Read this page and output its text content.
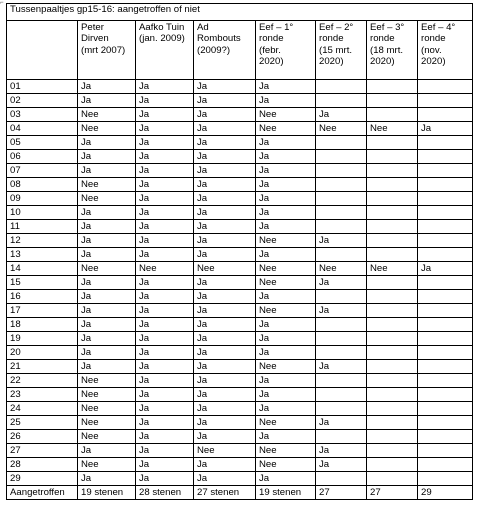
Tussenpaaltjes gp15-16: aangetroffen of niet							

	Peter
Dirven
(mrt 2007)	Aafko Tuin
(jan. 2009)	Ad
Rombouts
(2009?)	Eef – 1°
ronde
(febr.
2020)	Eef – 2°
ronde
(15 mrt.
2020)	Eef – 3°
ronde
(18 mrt.
2020)	Eef – 4°
ronde
(nov.
2020)

01	Ja	Ja	Ja	Ja			
02	Ja	Ja	Ja	Ja			
03	Nee	Ja	Ja	Nee	Ja		
04	Nee	Ja	Ja	Nee	Nee	Nee	Ja
05	Ja	Ja	Ja	Ja			
06	Ja	Ja	Ja	Ja			
07	Ja	Ja	Ja	Ja			
08	Nee	Ja	Ja	Ja			
09	Nee	Ja	Ja	Ja			
10	Ja	Ja	Ja	Ja			
11	Ja	Ja	Ja	Ja			
12	Ja	Ja	Ja	Nee	Ja		
13	Ja	Ja	Ja	Ja			
14	Nee	Nee	Nee	Nee	Nee	Nee	Ja
15	Ja	Ja	Ja	Nee	Ja		
16	Ja	Ja	Ja	Ja			
17	Ja	Ja	Ja	Nee	Ja		
18	Ja	Ja	Ja	Ja			
19	Ja	Ja	Ja	Ja			
20	Ja	Ja	Ja	Ja			
21	Ja	Ja	Ja	Nee	Ja		
22	Nee	Ja	Ja	Ja			
23	Nee	Ja	Ja	Ja			
24	Nee	Ja	Ja	Ja			
25	Nee	Ja	Ja	Nee	Ja		
26	Nee	Ja	Ja	Ja			
27	Ja	Ja	Nee	Nee	Ja		
28	Nee	Ja	Ja	Nee	Ja		
29	Ja	Ja	Ja	Ja			
Aangetroffen	19 stenen	28 stenen	27 stenen	19 stenen	27	27	29
⌐
